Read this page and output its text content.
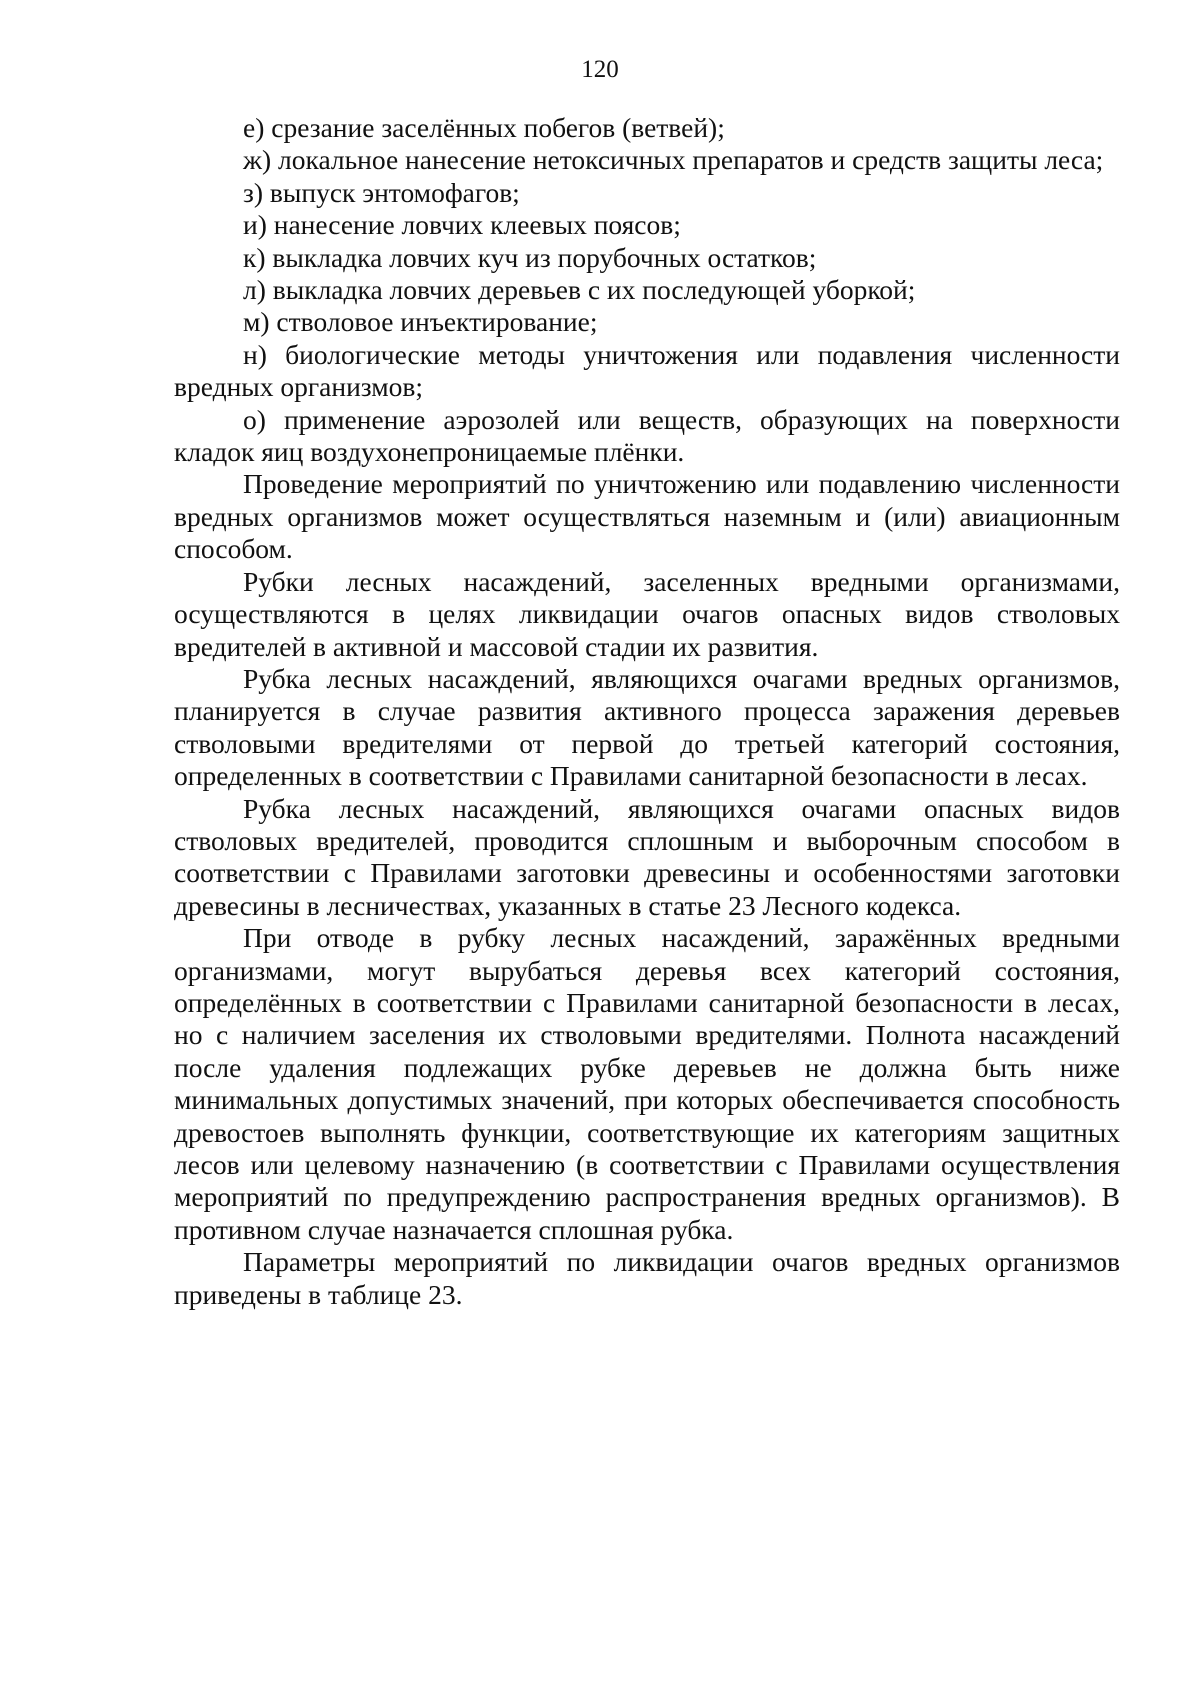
120

е) срезание заселённых побегов (ветвей);

ж) локальное нанесение нетоксичных препаратов и средств защиты леса;

з) выпуск энтомофагов;

и) нанесение ловчих клеевых поясов;

к) выкладка ловчих куч из порубочных остатков;

л) выкладка ловчих деревьев с их последующей уборкой;

м) стволовое инъектирование;

н) биологические методы уничтожения или подавления численности вредных организмов;

о) применение аэрозолей или веществ, образующих на поверхности кладок яиц воздухонепроницаемые плёнки.

Проведение мероприятий по уничтожению или подавлению численности вредных организмов может осуществляться наземным и (или) авиационным способом.

Рубки лесных насаждений, заселенных вредными организмами, осуществляются в целях ликвидации очагов опасных видов стволовых вредителей в активной и массовой стадии их развития.

Рубка лесных насаждений, являющихся очагами вредных организмов, планируется в случае развития активного процесса заражения деревьев стволовыми вредителями от первой до третьей категорий состояния, определенных в соответствии с Правилами санитарной безопасности в лесах.

Рубка лесных насаждений, являющихся очагами опасных видов стволовых вредителей, проводится сплошным и выборочным способом в соответствии с Правилами заготовки древесины и особенностями заготовки древесины в лесничествах, указанных в статье 23 Лесного кодекса.

При отводе в рубку лесных насаждений, заражённых вредными организмами, могут вырубаться деревья всех категорий состояния, определённых в соответствии с Правилами санитарной безопасности в лесах, но с наличием заселения их стволовыми вредителями. Полнота насаждений после удаления подлежащих рубке деревьев не должна быть ниже минимальных допустимых значений, при которых обеспечивается способность древостоев выполнять функции, соответствующие их категориям защитных лесов или целевому назначению (в соответствии с Правилами осуществления мероприятий по предупреждению распространения вредных организмов). В противном случае назначается сплошная рубка.

Параметры мероприятий по ликвидации очагов вредных организмов приведены в таблице 23.
